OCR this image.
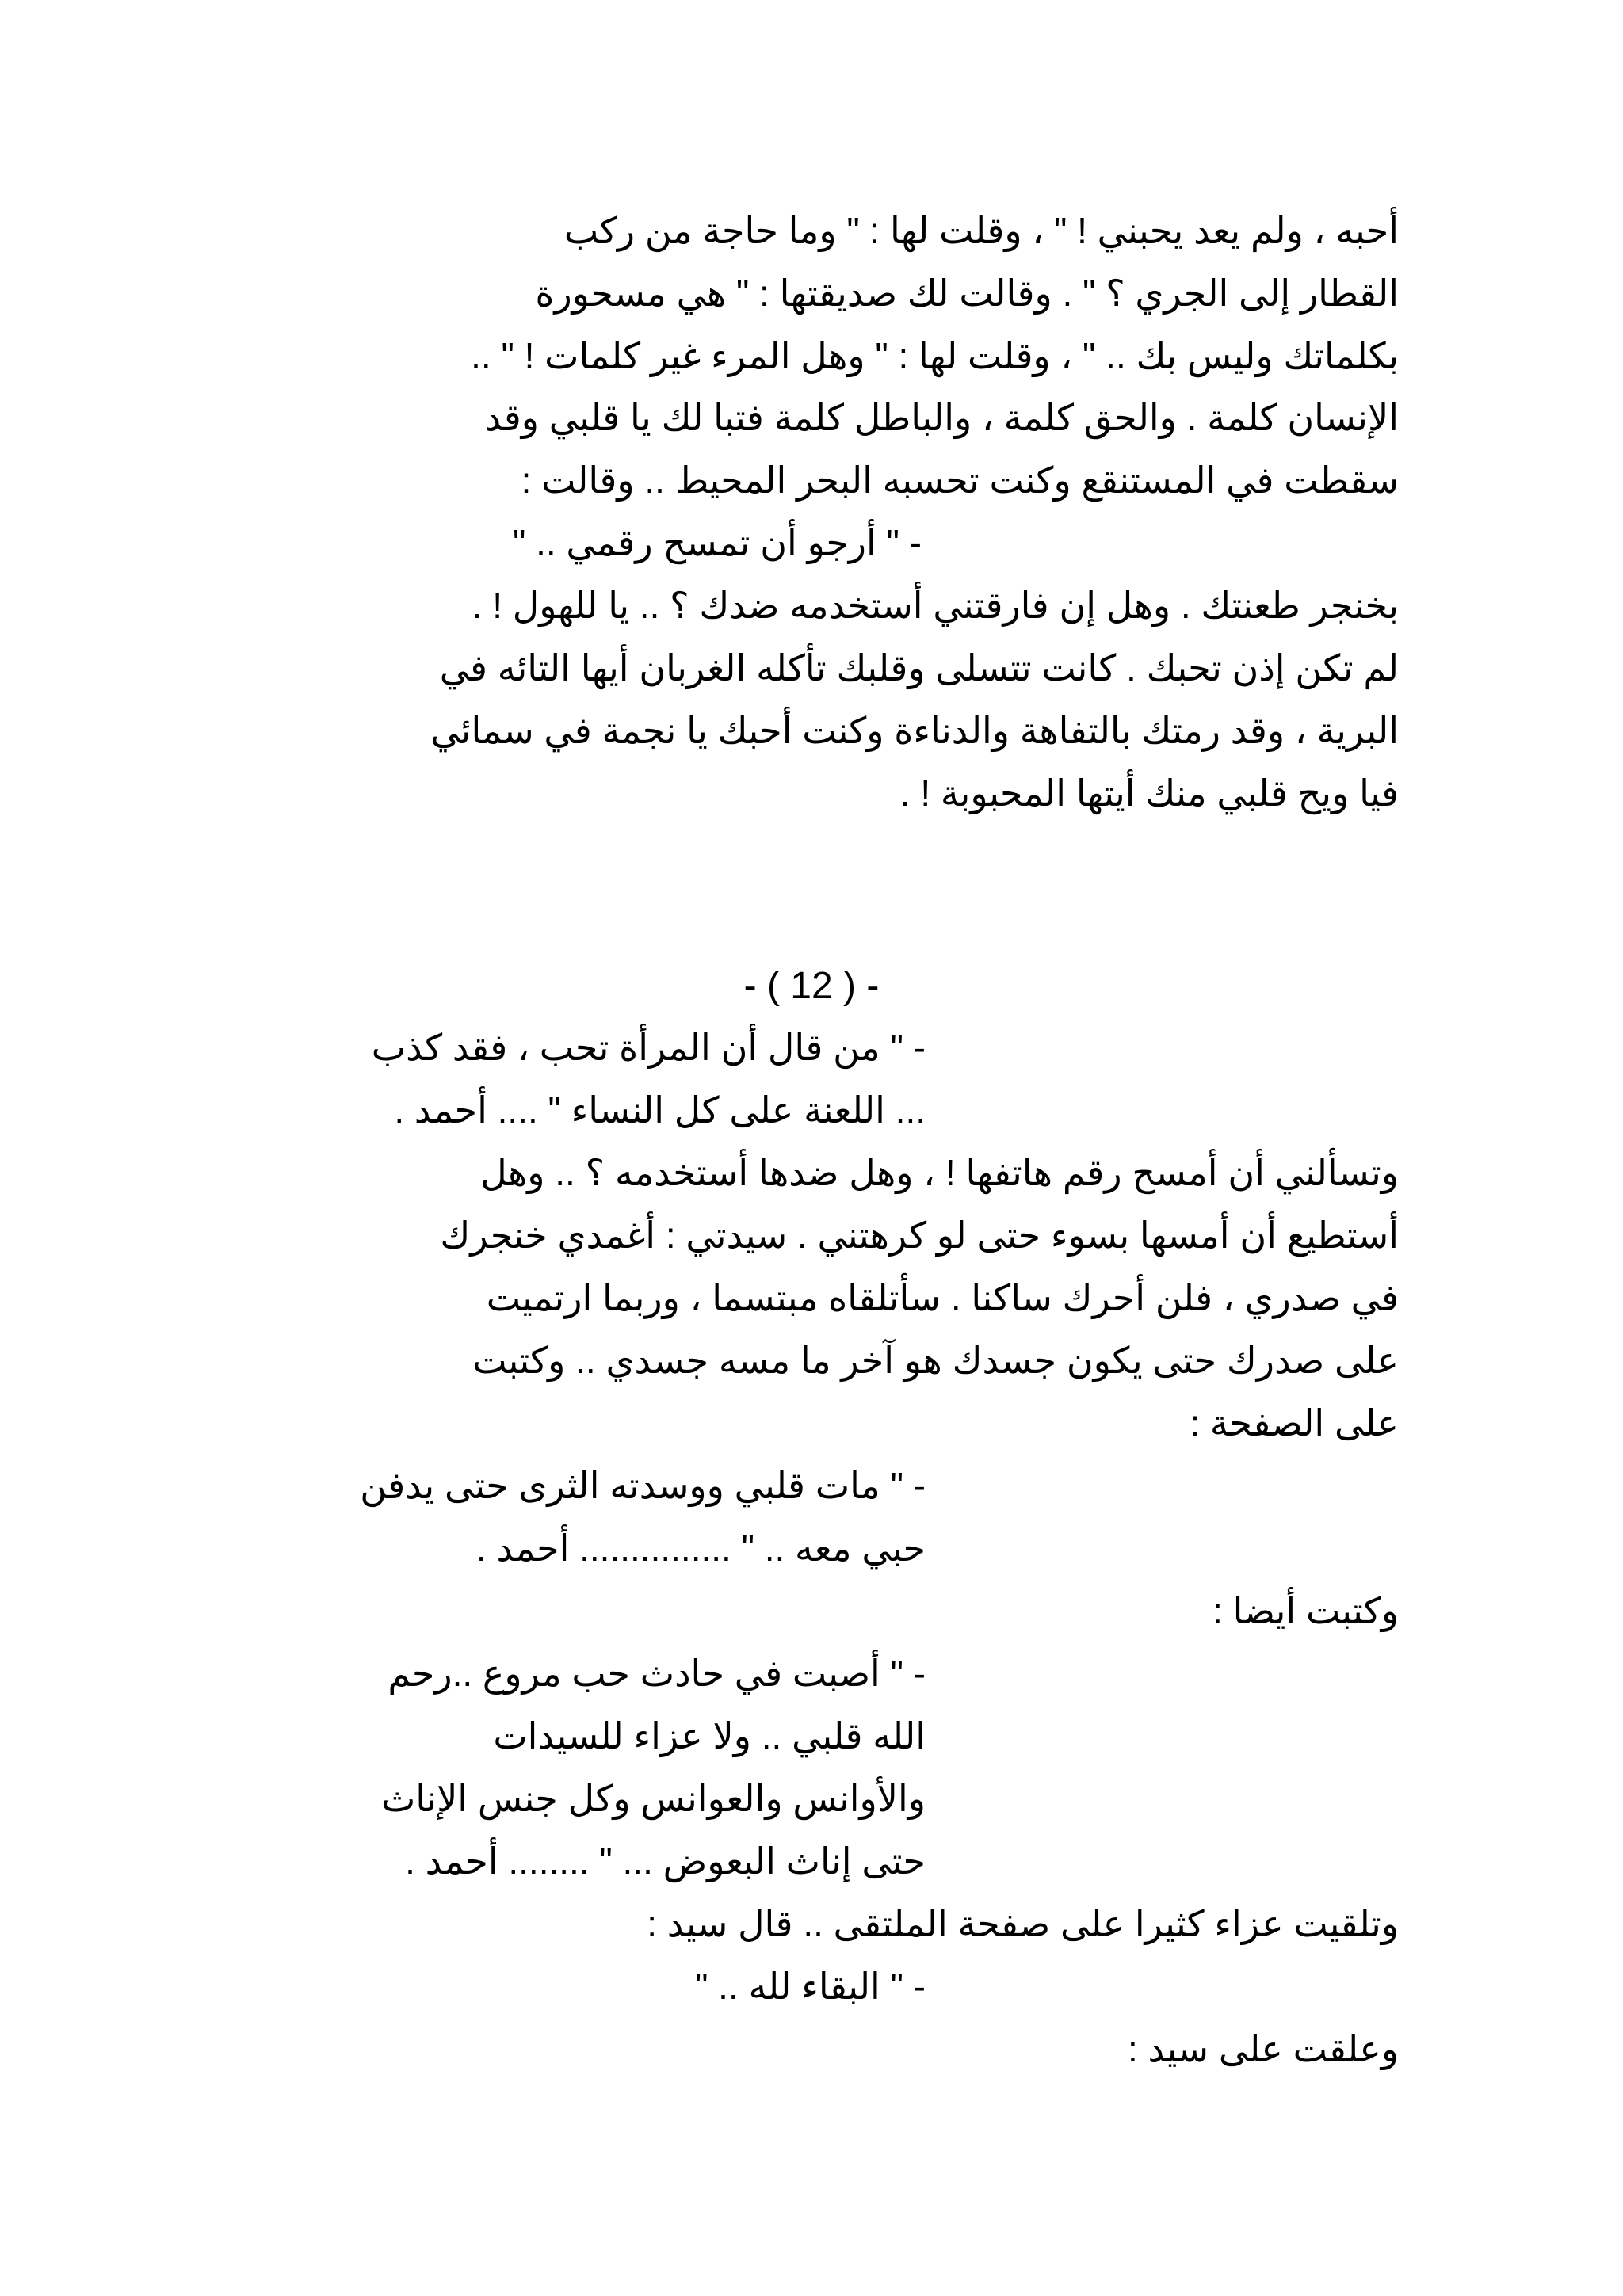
أحبه ، ولم يعد يحبني ! " ، وقلت لها : " وما حاجة من ركب
القطار إلى الجري ؟ " . وقالت لك صديقتها : " هي مسحورة
بكلماتك وليس بك .. " ، وقلت لها : " وهل المرء غير كلمات ! " ..
الإنسان كلمة . والحق كلمة ، والباطل كلمة فتبا لك يا قلبي وقد
سقطت في المستنقع وكنت تحسبه البحر المحيط .. وقالت :
- " أرجو أن تمسح رقمي .. "
بخنجر طعنتك . وهل إن فارقتني أستخدمه ضدك ؟ .. يا للهول ! .
لم تكن إذن تحبك . كانت تتسلى وقلبك تأكله الغربان أيها التائه في
البرية ، وقد رمتك بالتفاهة والدناءة وكنت أحبك يا نجمة في سمائي
فيا ويح قلبي منك أيتها المحبوبة ! .
- ( 12 ) -
- " من قال أن المرأة تحب ، فقد كذب
... اللعنة على كل النساء " .... أحمد .
وتسألني أن أمسح رقم هاتفها ! ، وهل ضدها أستخدمه ؟ .. وهل
أستطيع أن أمسها بسوء حتى لو كرهتني . سيدتي : أغمدي خنجرك
في صدري ، فلن أحرك ساكنا . سأتلقاه مبتسما ، وربما ارتميت
على صدرك حتى يكون جسدك هو آخر ما مسه جسدي .. وكتبت
على الصفحة :
- " مات قلبي ووسدته الثرى حتى يدفن
حبي معه .. " ............... أحمد .
وكتبت أيضا :
- " أصبت في حادث حب مروع ..رحم
الله قلبي .. ولا عزاء للسيدات
والأوانس والعوانس وكل جنس الإناث
حتى إناث البعوض ... " ........ أحمد .
وتلقيت عزاء كثيرا على صفحة الملتقى .. قال سيد :
- " البقاء لله .. "
وعلقت على سيد :
